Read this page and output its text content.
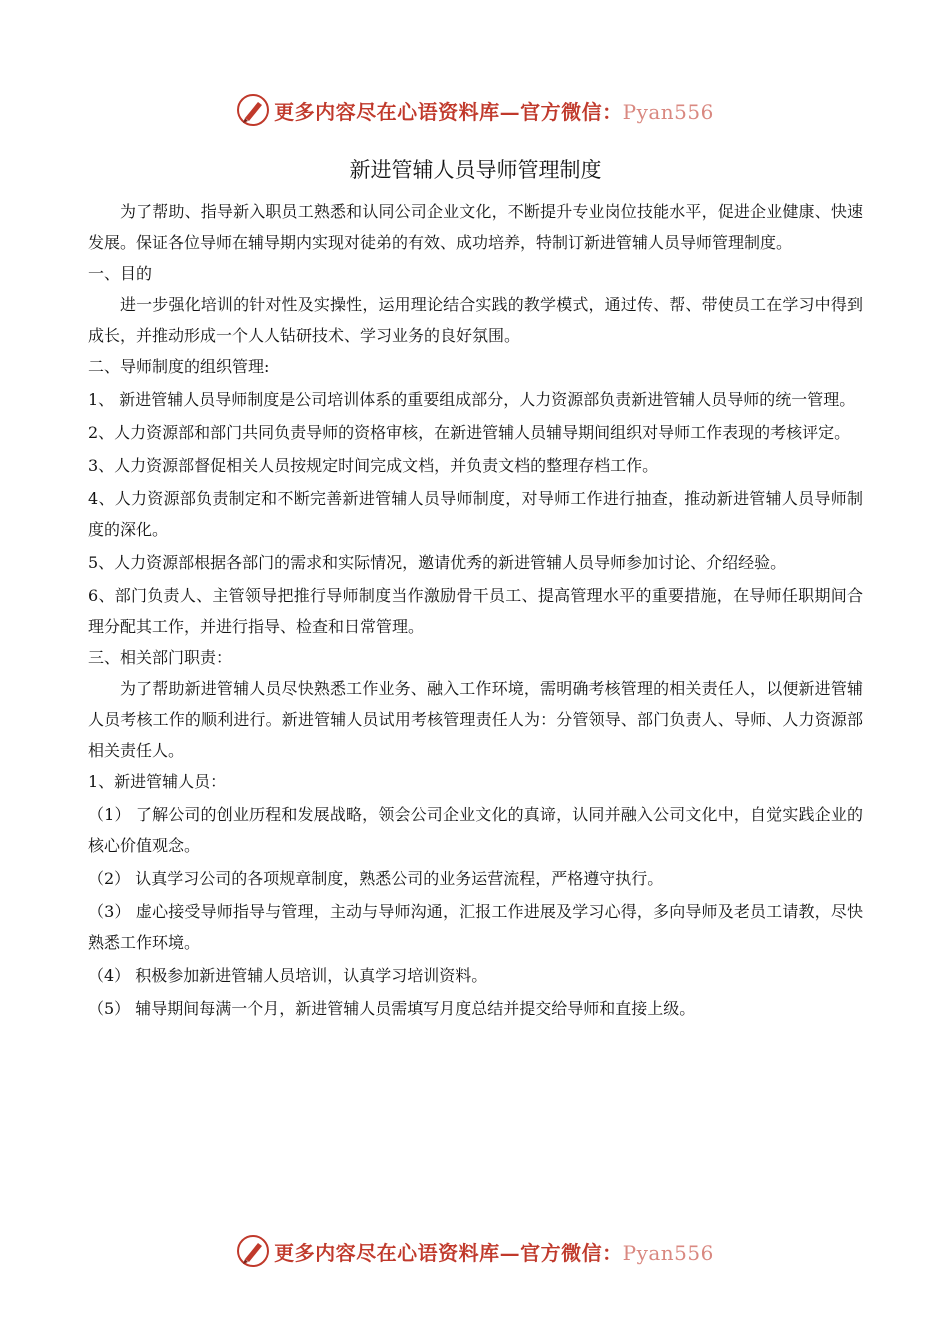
更多内容尽在心语资料库—官方微信：Pyan556
新进管辅人员导师管理制度

为了帮助、指导新入职员工熟悉和认同公司企业文化，不断提升专业岗位技能水平，促进企业健康、快速发展。保证各位导师在辅导期内实现对徒弟的有效、成功培养，特制订新进管辅人员导师管理制度。

一、目的

进一步强化培训的针对性及实操性，运用理论结合实践的教学模式，通过传、帮、带使员工在学习中得到成长，并推动形成一个人人钻研技术、学习业务的良好氛围。

二、导师制度的组织管理:

1、 新进管辅人员导师制度是公司培训体系的重要组成部分，人力资源部负责新进管辅人员导师的统一管理。

2、人力资源部和部门共同负责导师的资格审核，在新进管辅人员辅导期间组织对导师工作表现的考核评定。

3、人力资源部督促相关人员按规定时间完成文档，并负责文档的整理存档工作。

4、人力资源部负责制定和不断完善新进管辅人员导师制度，对导师工作进行抽查，推动新进管辅人员导师制度的深化。

5、人力资源部根据各部门的需求和实际情况，邀请优秀的新进管辅人员导师参加讨论、介绍经验。

6、部门负责人、主管领导把推行导师制度当作激励骨干员工、提高管理水平的重要措施，在导师任职期间合理分配其工作，并进行指导、检查和日常管理。

三、相关部门职责：

为了帮助新进管辅人员尽快熟悉工作业务、融入工作环境，需明确考核管理的相关责任人，以便新进管辅人员考核工作的顺利进行。新进管辅人员试用考核管理责任人为：分管领导、部门负责人、导师、人力资源部相关责任人。

1、新进管辅人员：

（1） 了解公司的创业历程和发展战略，领会公司企业文化的真谛，认同并融入公司文化中，自觉实践企业的核心价值观念。

（2） 认真学习公司的各项规章制度，熟悉公司的业务运营流程，严格遵守执行。

（3） 虚心接受导师指导与管理，主动与导师沟通，汇报工作进展及学习心得，多向导师及老员工请教，尽快熟悉工作环境。

（4） 积极参加新进管辅人员培训，认真学习培训资料。

（5） 辅导期间每满一个月，新进管辅人员需填写月度总结并提交给导师和直接上级。

更多内容尽在心语资料库—官方微信：Pyan556
